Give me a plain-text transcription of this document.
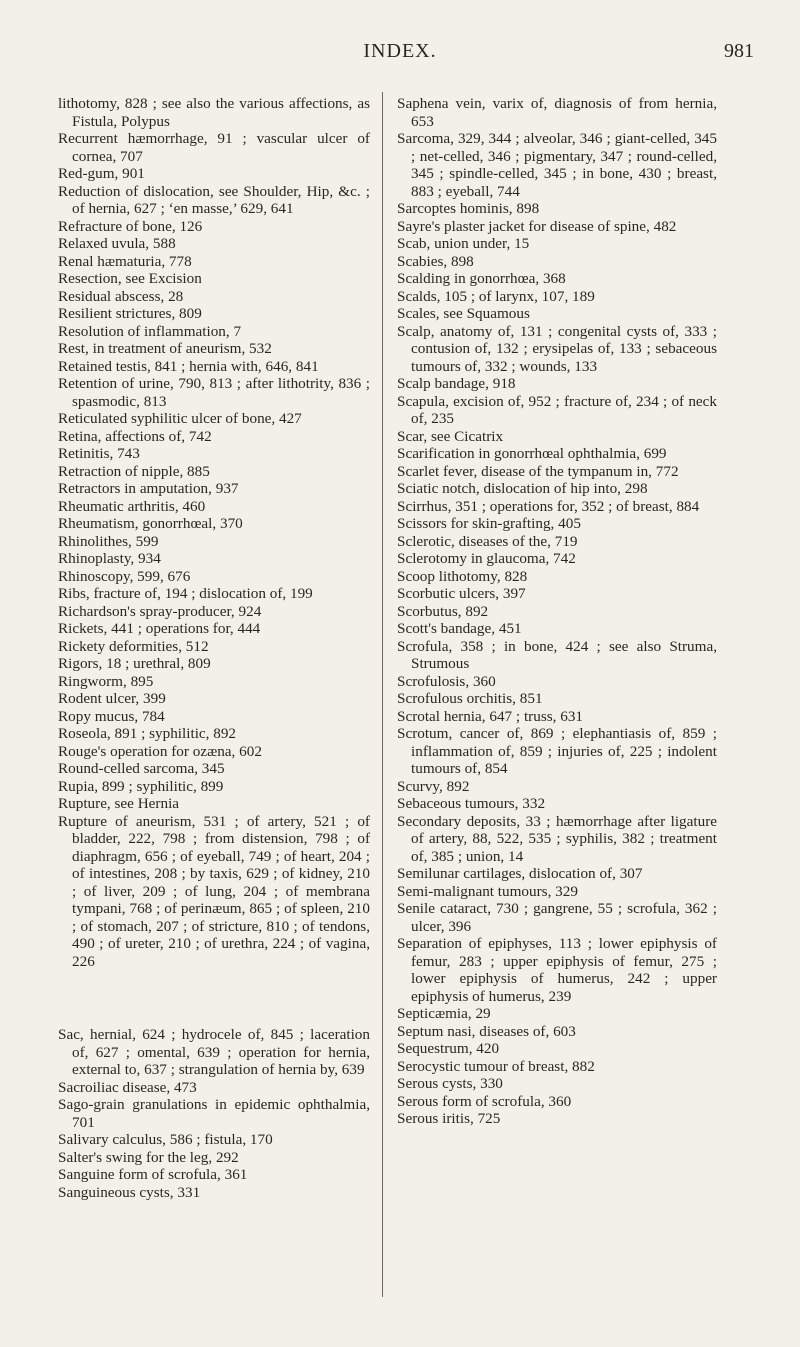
INDEX.	981

lithotomy, 828 ; see also the various affections, as Fistula, Polypus

Recurrent hæmorrhage, 91 ; vascular ulcer of cornea, 707

Red-gum, 901

Reduction of dislocation, see Shoulder, Hip, &c. ; of hernia, 627 ; ‘en masse,’ 629, 641

Refracture of bone, 126

Relaxed uvula, 588

Renal hæmaturia, 778

Resection, see Excision

Residual abscess, 28

Resilient strictures, 809

Resolution of inflammation, 7

Rest, in treatment of aneurism, 532

Retained testis, 841 ; hernia with, 646, 841

Retention of urine, 790, 813 ; after lithotrity, 836 ; spasmodic, 813

Reticulated syphilitic ulcer of bone, 427

Retina, affections of, 742

Retinitis, 743

Retraction of nipple, 885

Retractors in amputation, 937

Rheumatic arthritis, 460

Rheumatism, gonorrhœal, 370

Rhinolithes, 599

Rhinoplasty, 934

Rhinoscopy, 599, 676

Ribs, fracture of, 194 ; dislocation of, 199

Richardson's spray-producer, 924

Rickets, 441 ; operations for, 444

Rickety deformities, 512

Rigors, 18 ; urethral, 809

Ringworm, 895

Rodent ulcer, 399

Ropy mucus, 784

Roseola, 891 ; syphilitic, 892

Rouge's operation for ozæna, 602

Round-celled sarcoma, 345

Rupia, 899 ; syphilitic, 899

Rupture, see Hernia

Rupture of aneurism, 531 ; of artery, 521 ; of bladder, 222, 798 ; from distension, 798 ; of diaphragm, 656 ; of eyeball, 749 ; of heart, 204 ; of intestines, 208 ; by taxis, 629 ; of kidney, 210 ; of liver, 209 ; of lung, 204 ; of membrana tympani, 768 ; of perinæum, 865 ; of spleen, 210 ; of stomach, 207 ; of stricture, 810 ; of tendons, 490 ; of ureter, 210 ; of urethra, 224 ; of vagina, 226

Sac, hernial, 624 ; hydrocele of, 845 ; laceration of, 627 ; omental, 639 ; operation for hernia, external to, 637 ; strangulation of hernia by, 639

Sacroiliac disease, 473

Sago-grain granulations in epidemic ophthalmia, 701

Salivary calculus, 586 ; fistula, 170

Salter's swing for the leg, 292

Sanguine form of scrofula, 361

Sanguineous cysts, 331

Saphena vein, varix of, diagnosis of from hernia, 653

Sarcoma, 329, 344 ; alveolar, 346 ; giant-celled, 345 ; net-celled, 346 ; pigmentary, 347 ; round-celled, 345 ; spindle-celled, 345 ; in bone, 430 ; breast, 883 ; eyeball, 744

Sarcoptes hominis, 898

Sayre's plaster jacket for disease of spine, 482

Scab, union under, 15

Scabies, 898

Scalding in gonorrhœa, 368

Scalds, 105 ; of larynx, 107, 189

Scales, see Squamous

Scalp, anatomy of, 131 ; congenital cysts of, 333 ; contusion of, 132 ; erysipelas of, 133 ; sebaceous tumours of, 332 ; wounds, 133

Scalp bandage, 918

Scapula, excision of, 952 ; fracture of, 234 ; of neck of, 235

Scar, see Cicatrix

Scarification in gonorrhœal ophthalmia, 699

Scarlet fever, disease of the tympanum in, 772

Sciatic notch, dislocation of hip into, 298

Scirrhus, 351 ; operations for, 352 ; of breast, 884

Scissors for skin-grafting, 405

Sclerotic, diseases of the, 719

Sclerotomy in glaucoma, 742

Scoop lithotomy, 828

Scorbutic ulcers, 397

Scorbutus, 892

Scott's bandage, 451

Scrofula, 358 ; in bone, 424 ; see also Struma, Strumous

Scrofulosis, 360

Scrofulous orchitis, 851

Scrotal hernia, 647 ; truss, 631

Scrotum, cancer of, 869 ; elephantiasis of, 859 ; inflammation of, 859 ; injuries of, 225 ; indolent tumours of, 854

Scurvy, 892

Sebaceous tumours, 332

Secondary deposits, 33 ; hæmorrhage after ligature of artery, 88, 522, 535 ; syphilis, 382 ; treatment of, 385 ; union, 14

Semilunar cartilages, dislocation of, 307

Semi-malignant tumours, 329

Senile cataract, 730 ; gangrene, 55 ; scrofula, 362 ; ulcer, 396

Separation of epiphyses, 113 ; lower epiphysis of femur, 283 ; upper epiphysis of femur, 275 ; lower epiphysis of humerus, 242 ; upper epiphysis of humerus, 239

Septicæmia, 29

Septum nasi, diseases of, 603

Sequestrum, 420

Serocystic tumour of breast, 882

Serous cysts, 330

Serous form of scrofula, 360

Serous iritis, 725
